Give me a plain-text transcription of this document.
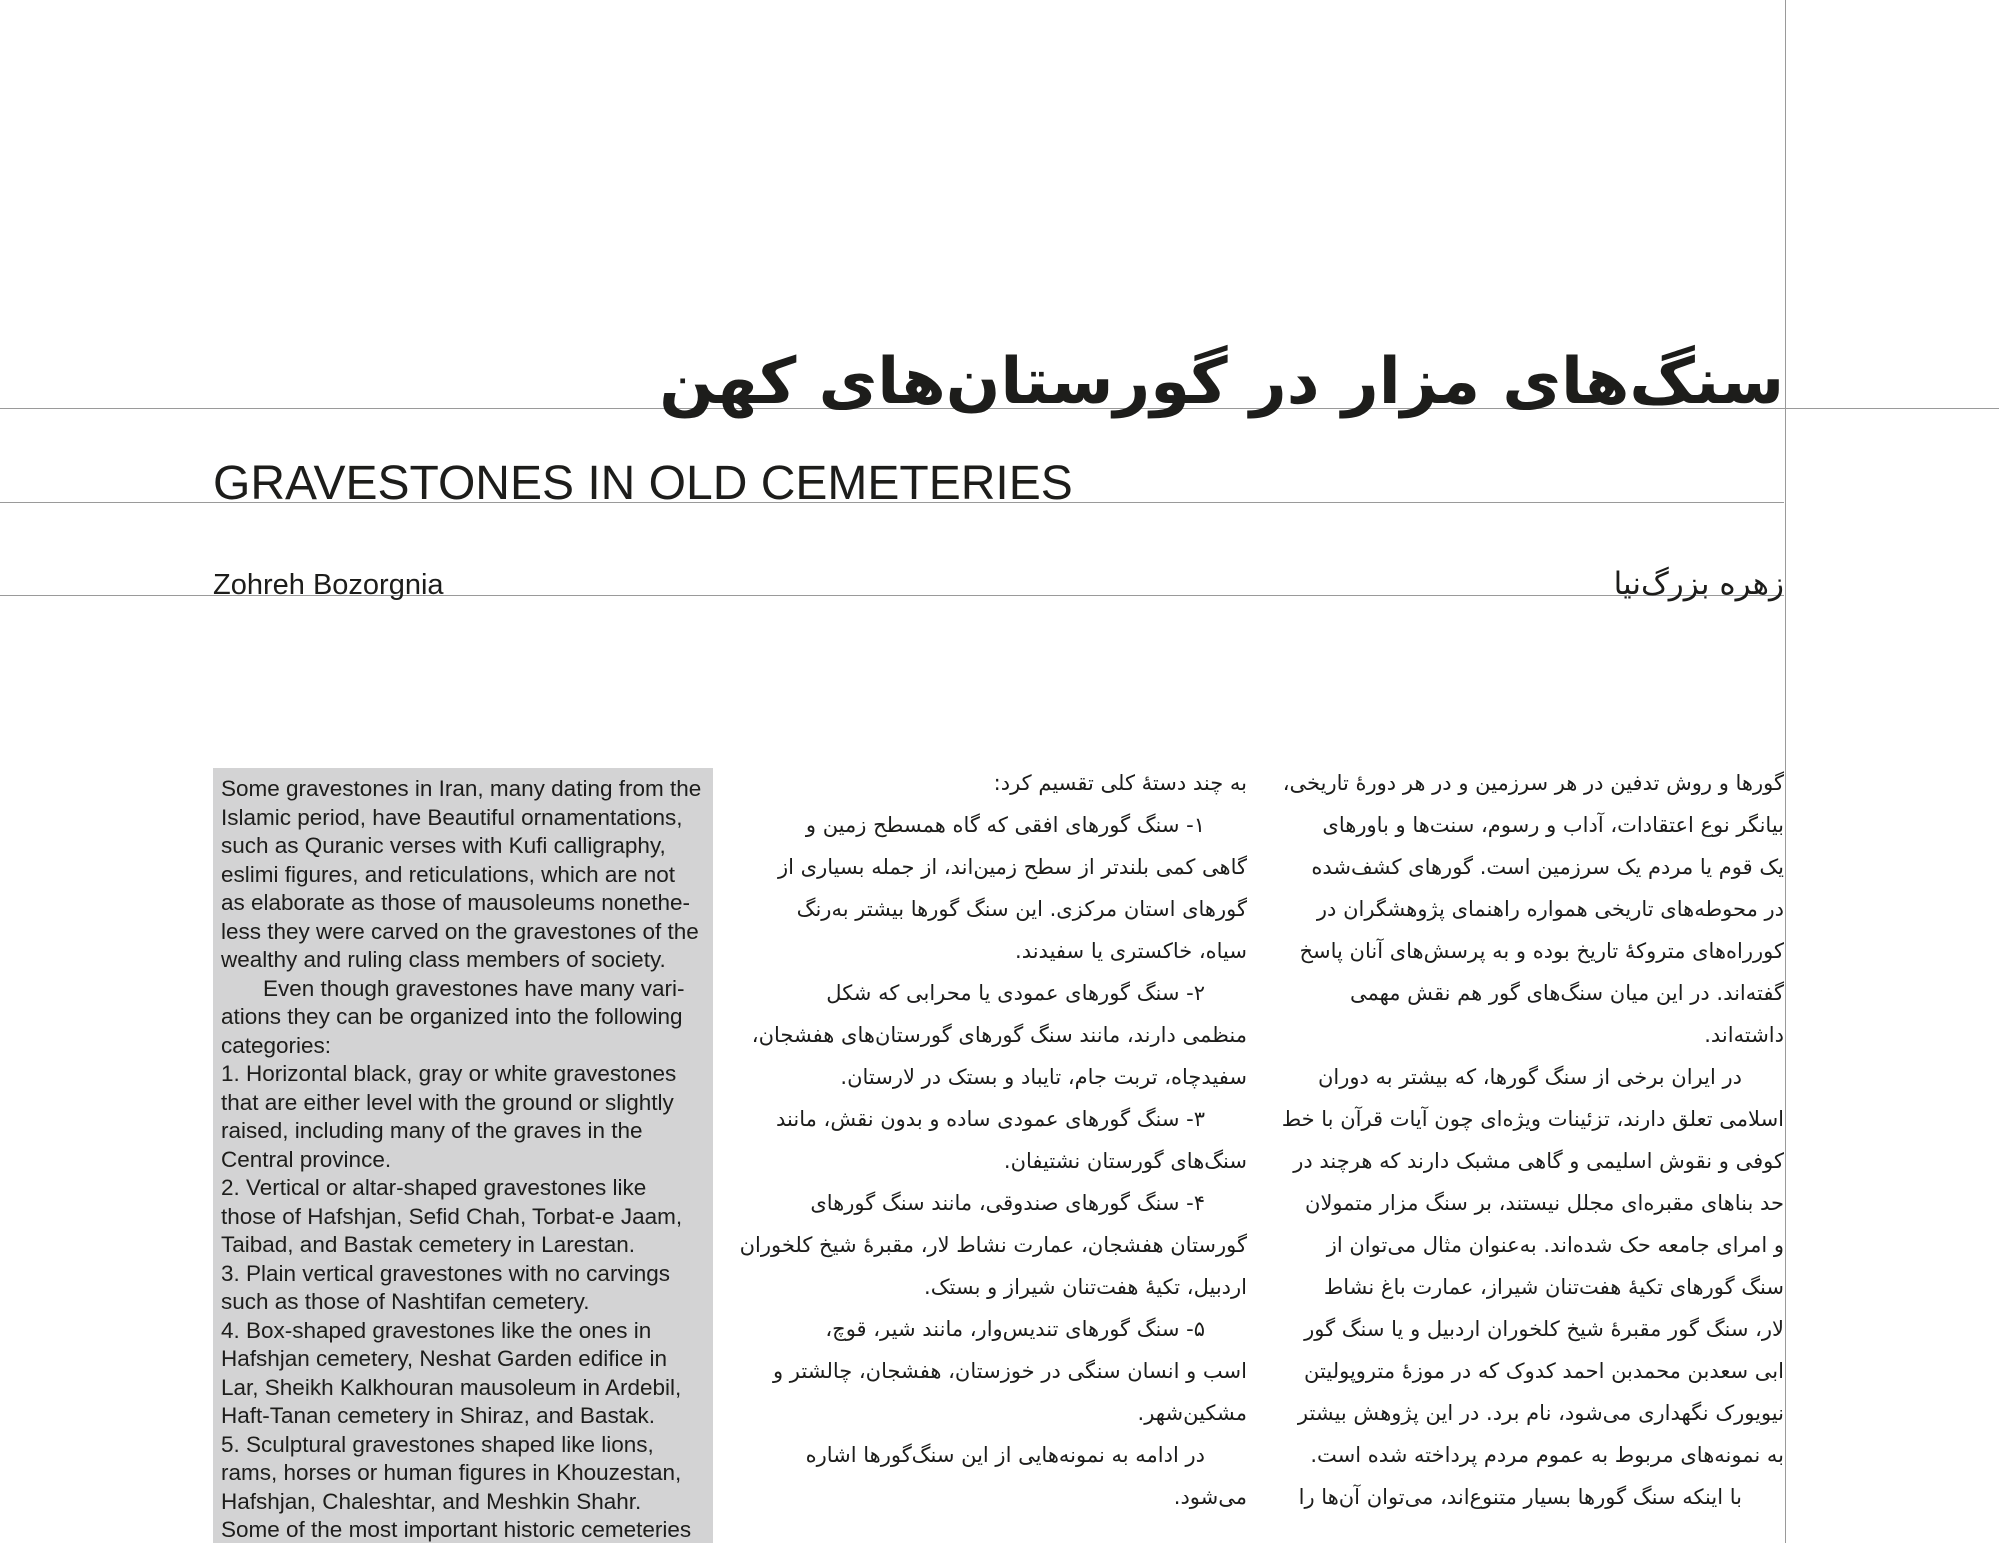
سنگ‌های مزار در گورستان‌های کهن
GRAVESTONES IN OLD CEMETERIES
Zohreh Bozorgnia	زهره بزرگ‌نیا
Some gravestones in Iran, many dating from the
Islamic period, have Beautiful ornamentations,
such as Quranic verses with Kufi calligraphy,
eslimi figures, and reticulations, which are not
as elaborate as those of mausoleums nonethe-
less they were carved on the gravestones of the
wealthy and ruling class members of society.
Even though gravestones have many vari-
ations they can be organized into the following
categories:
1. Horizontal black, gray or white gravestones
that are either level with the ground or slightly
raised, including many of the graves in the
Central province.
2. Vertical or altar-shaped gravestones like
those of Hafshjan, Sefid Chah, Torbat-e Jaam,
Taibad, and Bastak cemetery in Larestan.
3. Plain vertical gravestones with no carvings
such as those of Nashtifan cemetery.
4. Box-shaped gravestones like the ones in
Hafshjan cemetery, Neshat Garden edifice in
Lar, Sheikh Kalkhouran mausoleum in Ardebil,
Haft-Tanan cemetery in Shiraz, and Bastak.
5. Sculptural gravestones shaped like lions,
rams, horses or human figures in Khouzestan,
Hafshjan, Chaleshtar, and Meshkin Shahr.
Some of the most important historic cemeteries
گورها و روش تدفین در هر سرزمین و در هر دورهٔ تاریخی،
بیانگر نوع اعتقادات، آداب و رسوم، سنت‌ها و باورهای
یک قوم یا مردم یک سرزمین است. گورهای کشف‌شده
در محوطه‌های تاریخی همواره راهنمای پژوهشگران در
کورراه‌های متروکهٔ تاریخ بوده و به پرسش‌های آنان پاسخ
گفته‌اند. در این میان سنگ‌های گور هم نقش مهمی
داشته‌اند.
در ایران برخی از سنگ گورها، که بیشتر به دوران
اسلامی تعلق دارند، تزئینات ویژه‌ای چون آیات قرآن با خط
کوفی و نقوش اسلیمی و گاهی مشبک دارند که هرچند در
حد بناهای مقبره‌ای مجلل نیستند، بر سنگ مزار متمولان
و امرای جامعه حک شده‌اند. به‌عنوان مثال می‌توان از
سنگ گورهای تکیهٔ هفت‌تنان شیراز، عمارت باغ نشاط
لار، سنگ گور مقبرهٔ شیخ کلخوران اردبیل و یا سنگ گور
ابی سعدبن محمدبن احمد کدوک که در موزهٔ متروپولیتن
نیویورک نگهداری می‌شود، نام برد. در این پژوهش بیشتر
به نمونه‌های مربوط به عموم مردم پرداخته شده است.
با اینکه سنگ گورها بسیار متنوع‌اند، می‌توان آن‌ها را
به چند دستهٔ کلی تقسیم کرد:
۱- سنگ گورهای افقی که گاه همسطح زمین و
گاهی کمی بلندتر از سطح زمین‌اند، از جمله بسیاری از
گورهای استان مرکزی. این سنگ گورها بیشتر به‌رنگ
سیاه، خاکستری یا سفیدند.
۲- سنگ گورهای عمودی یا محرابی که شکل
منظمی دارند، مانند سنگ گورهای گورستان‌های هفشجان،
سفیدچاه، تربت جام، تایباد و بستک در لارستان.
۳- سنگ گورهای عمودی ساده و بدون نقش، مانند
سنگ‌های گورستان نشتیفان.
۴- سنگ گورهای صندوقی، مانند سنگ گورهای
گورستان هفشجان، عمارت نشاط لار، مقبرهٔ شیخ کلخوران
اردبیل، تکیهٔ هفت‌تنان شیراز و بستک.
۵- سنگ گورهای تندیس‌وار، مانند شیر، قوچ،
اسب و انسان سنگی در خوزستان، هفشجان، چالشتر و
مشکین‌شهر.
در ادامه به نمونه‌هایی از این سنگ‌گورها اشاره
می‌شود.
